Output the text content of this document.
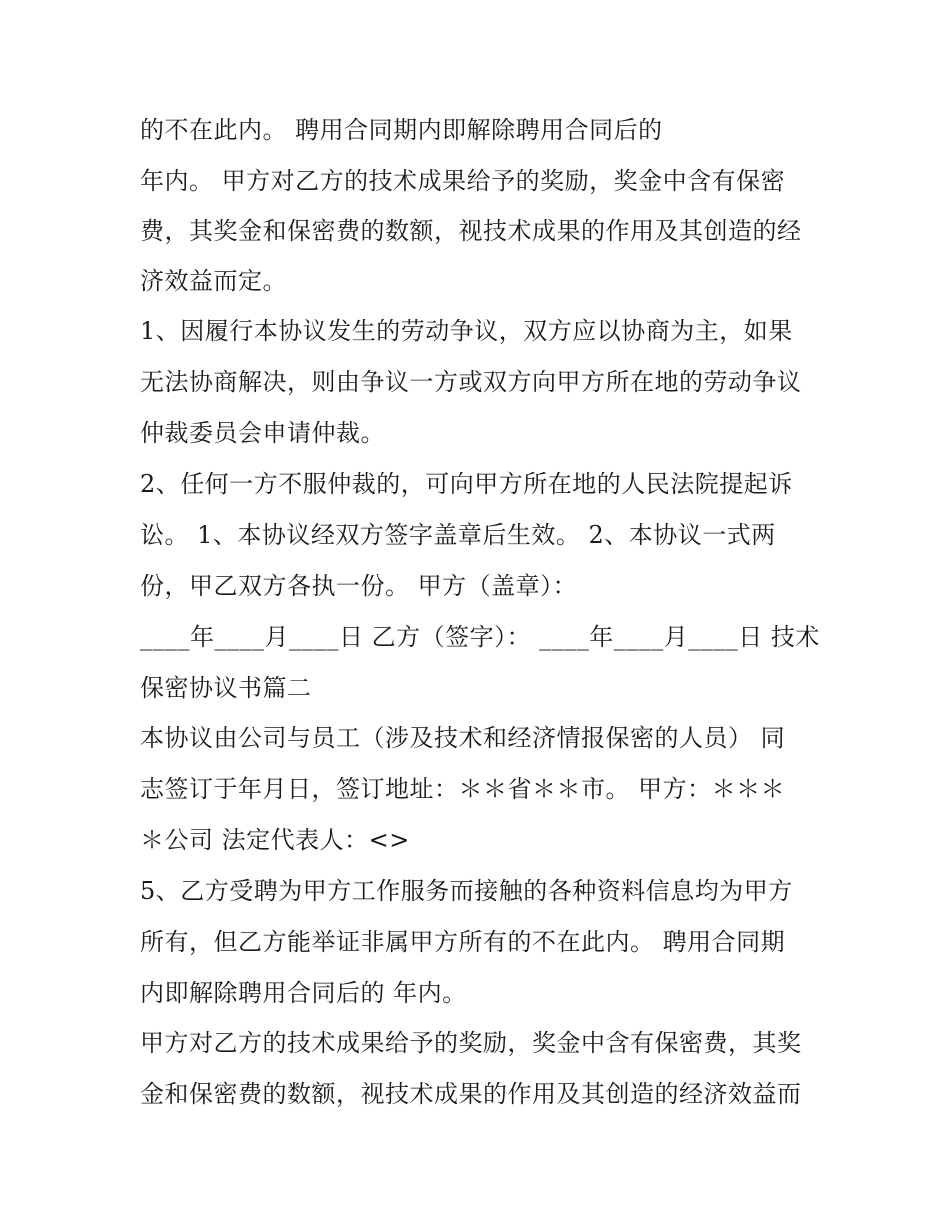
的不在此内。 聘用合同期内即解除聘用合同后的
年内。 甲方对乙方的技术成果给予的奖励，奖金中含有保密
费，其奖金和保密费的数额，视技术成果的作用及其创造的经
济效益而定。
1、因履行本协议发生的劳动争议，双方应以协商为主，如果
无法协商解决，则由争议一方或双方向甲方所在地的劳动争议
仲裁委员会申请仲裁。
2、任何一方不服仲裁的，可向甲方所在地的人民法院提起诉
讼。 1、本协议经双方签字盖章后生效。 2、本协议一式两
份，甲乙双方各执一份。 甲方（盖章）：
____年____月____日 乙方（签字）： ____年____月____日 技术
保密协议书篇二
本协议由公司与员工（涉及技术和经济情报保密的人员） 同
志签订于年月日，签订地址：＊＊省＊＊市。 甲方：＊＊＊
＊公司 法定代表人：<>
5、乙方受聘为甲方工作服务而接触的各种资料信息均为甲方
所有，但乙方能举证非属甲方所有的不在此内。 聘用合同期
内即解除聘用合同后的 年内。
甲方对乙方的技术成果给予的奖励，奖金中含有保密费，其奖
金和保密费的数额，视技术成果的作用及其创造的经济效益而
